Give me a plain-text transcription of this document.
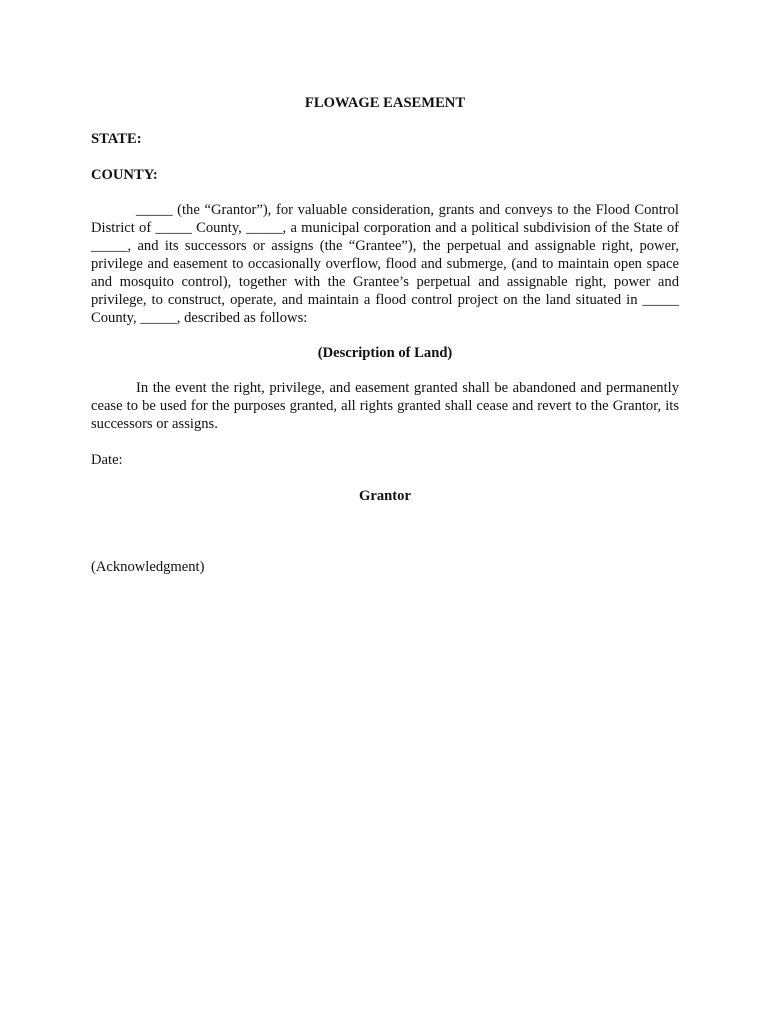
FLOWAGE EASEMENT
STATE:
COUNTY:

_____ (the “Grantor”), for valuable consideration, grants and conveys to the Flood Control District of _____ County, _____, a municipal corporation and a political subdivision of the State of _____, and its successors or assigns (the “Grantee”), the perpetual and assignable right, power, privilege and easement to occasionally overflow, flood and submerge, (and to maintain open space and mosquito control), together with the Grantee’s perpetual and assignable right, power and privilege, to construct, operate, and maintain a flood control project on the land situated in _____ County, _____, described as follows:

(Description of Land)

In the event the right, privilege, and easement granted shall be abandoned and permanently cease to be used for the purposes granted, all rights granted shall cease and revert to the Grantor, its successors or assigns.

Date:
Grantor
(Acknowledgment)
